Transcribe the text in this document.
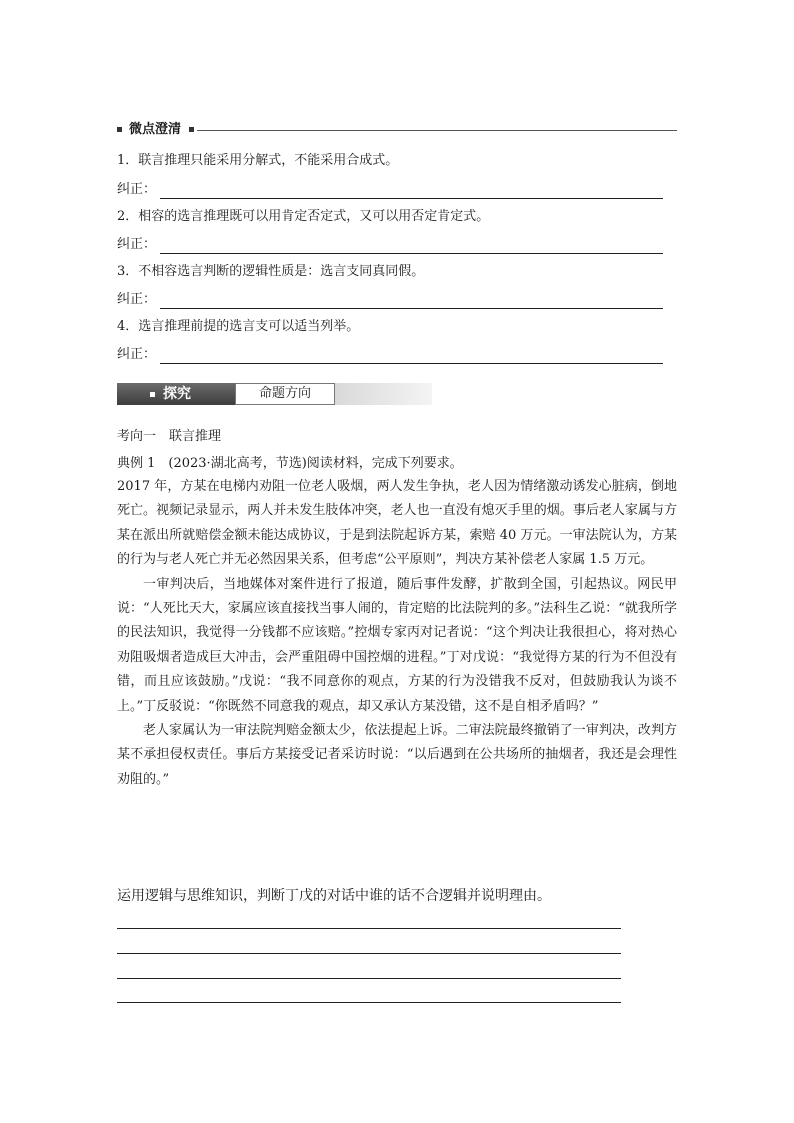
微点澄清
1．联言推理只能采用分解式，不能采用合成式。
纠正：
2．相容的选言推理既可以用肯定否定式，又可以用否定肯定式。
纠正：
3．不相容选言判断的逻辑性质是：选言支同真同假。
纠正：
4．选言推理前提的选言支可以适当列举。
纠正：
探究	命题方向
考向一　联言推理
典例 1　(2023·湖北高考，节选)阅读材料，完成下列要求。

2017 年，方某在电梯内劝阻一位老人吸烟，两人发生争执，老人因为情绪激动诱发心脏病，倒地死亡。视频记录显示，两人并未发生肢体冲突，老人也一直没有熄灭手里的烟。事后老人家属与方某在派出所就赔偿金额未能达成协议，于是到法院起诉方某，索赔 40 万元。一审法院认为，方某的行为与老人死亡并无必然因果关系，但考虑“公平原则”，判决方某补偿老人家属 1.5 万元。

一审判决后，当地媒体对案件进行了报道，随后事件发酵，扩散到全国，引起热议。网民甲说：“人死比天大，家属应该直接找当事人闹的，肯定赔的比法院判的多。”法科生乙说：“就我所学的民法知识，我觉得一分钱都不应该赔。”控烟专家丙对记者说：“这个判决让我很担心，将对热心劝阻吸烟者造成巨大冲击，会严重阻碍中国控烟的进程。”丁对戊说：“我觉得方某的行为不但没有错，而且应该鼓励。”戊说：“我不同意你的观点，方某的行为没错我不反对，但鼓励我认为谈不上。”丁反驳说：“你既然不同意我的观点，却又承认方某没错，这不是自相矛盾吗？”

老人家属认为一审法院判赔金额太少，依法提起上诉。二审法院最终撤销了一审判决，改判方某不承担侵权责任。事后方某接受记者采访时说：“以后遇到在公共场所的抽烟者，我还是会理性劝阻的。”

运用逻辑与思维知识，判断丁戊的对话中谁的话不合逻辑并说明理由。
